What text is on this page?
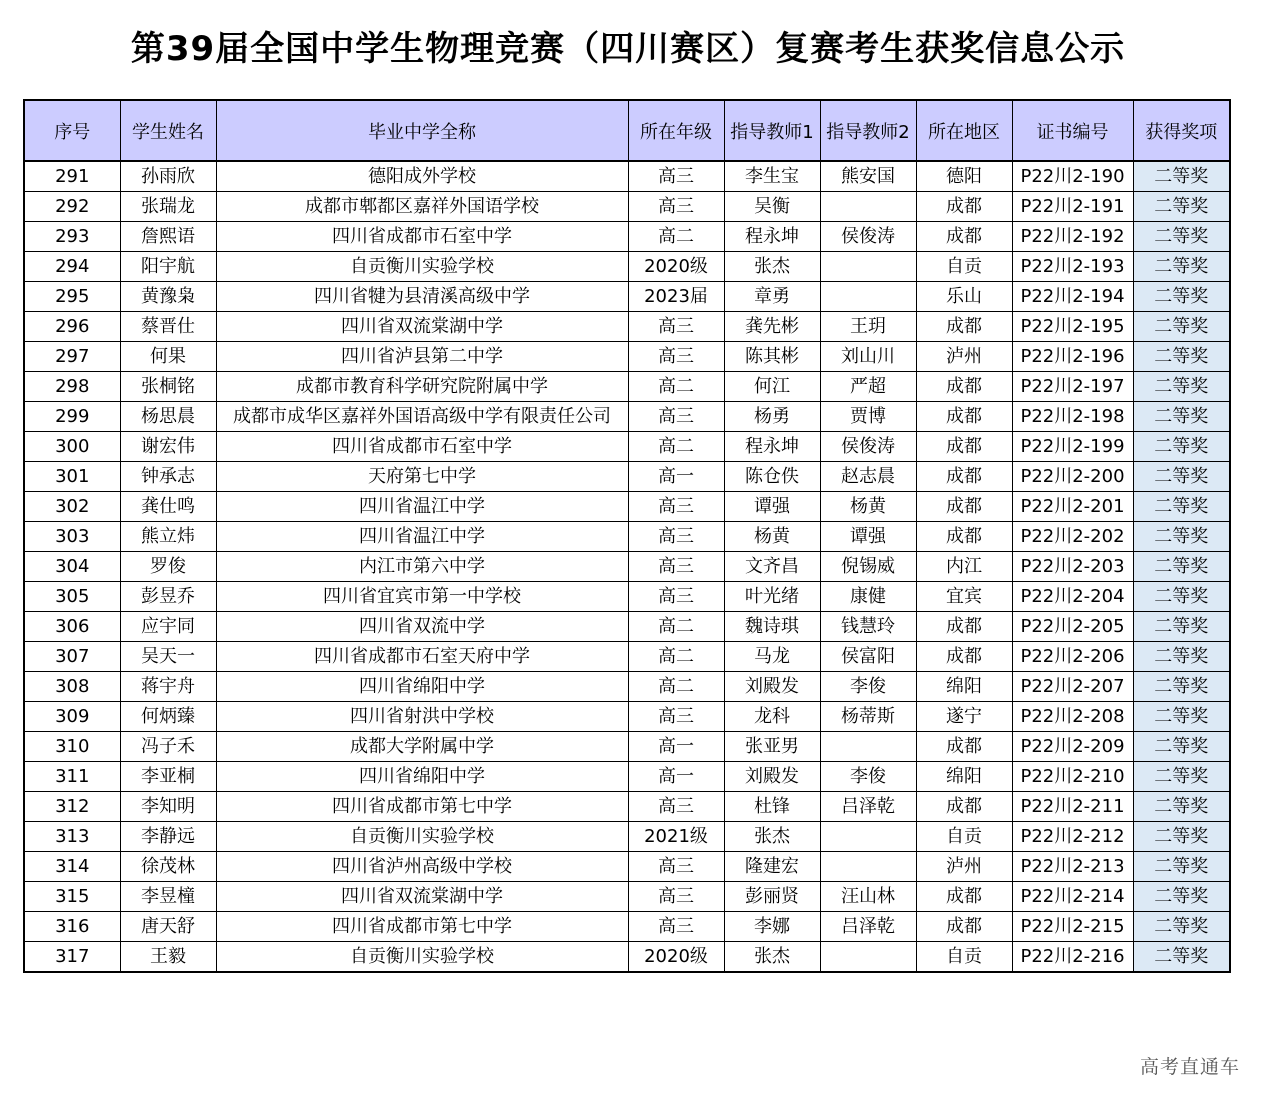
第39届全国中学生物理竞赛（四川赛区）复赛考生获奖信息公示
序号	学生姓名	毕业中学全称	所在年级	指导教师1	指导教师2	所在地区	证书编号	获得奖项
291	孙雨欣	德阳成外学校	高三	李生宝	熊安国	德阳	P22川2-190	二等奖
292	张瑞龙	成都市郫都区嘉祥外国语学校	高三	吴衡		成都	P22川2-191	二等奖
293	詹熙语	四川省成都市石室中学	高二	程永坤	侯俊涛	成都	P22川2-192	二等奖
294	阳宇航	自贡衡川实验学校	2020级	张杰		自贡	P22川2-193	二等奖
295	黄豫枭	四川省犍为县清溪高级中学	2023届	章勇		乐山	P22川2-194	二等奖
296	蔡晋仕	四川省双流棠湖中学	高三	龚先彬	王玥	成都	P22川2-195	二等奖
297	何果	四川省泸县第二中学	高三	陈其彬	刘山川	泸州	P22川2-196	二等奖
298	张桐铭	成都市教育科学研究院附属中学	高二	何江	严超	成都	P22川2-197	二等奖
299	杨思晨	成都市成华区嘉祥外国语高级中学有限责任公司	高三	杨勇	贾博	成都	P22川2-198	二等奖
300	谢宏伟	四川省成都市石室中学	高二	程永坤	侯俊涛	成都	P22川2-199	二等奖
301	钟承志	天府第七中学	高一	陈仓佚	赵志晨	成都	P22川2-200	二等奖
302	龚仕鸣	四川省温江中学	高三	谭强	杨黄	成都	P22川2-201	二等奖
303	熊立炜	四川省温江中学	高三	杨黄	谭强	成都	P22川2-202	二等奖
304	罗俊	内江市第六中学	高三	文齐昌	倪锡威	内江	P22川2-203	二等奖
305	彭昱乔	四川省宜宾市第一中学校	高三	叶光绪	康健	宜宾	P22川2-204	二等奖
306	应宇同	四川省双流中学	高二	魏诗琪	钱慧玲	成都	P22川2-205	二等奖
307	吴天一	四川省成都市石室天府中学	高二	马龙	侯富阳	成都	P22川2-206	二等奖
308	蒋宇舟	四川省绵阳中学	高二	刘殿发	李俊	绵阳	P22川2-207	二等奖
309	何炳臻	四川省射洪中学校	高三	龙科	杨蒂斯	遂宁	P22川2-208	二等奖
310	冯子禾	成都大学附属中学	高一	张亚男		成都	P22川2-209	二等奖
311	李亚桐	四川省绵阳中学	高一	刘殿发	李俊	绵阳	P22川2-210	二等奖
312	李知明	四川省成都市第七中学	高三	杜锋	吕泽乾	成都	P22川2-211	二等奖
313	李静远	自贡衡川实验学校	2021级	张杰		自贡	P22川2-212	二等奖
314	徐茂林	四川省泸州高级中学校	高三	隆建宏		泸州	P22川2-213	二等奖
315	李昱橦	四川省双流棠湖中学	高三	彭丽贤	汪山林	成都	P22川2-214	二等奖
316	唐天舒	四川省成都市第七中学	高三	李娜	吕泽乾	成都	P22川2-215	二等奖
317	王毅	自贡衡川实验学校	2020级	张杰		自贡	P22川2-216	二等奖
高考直通车
